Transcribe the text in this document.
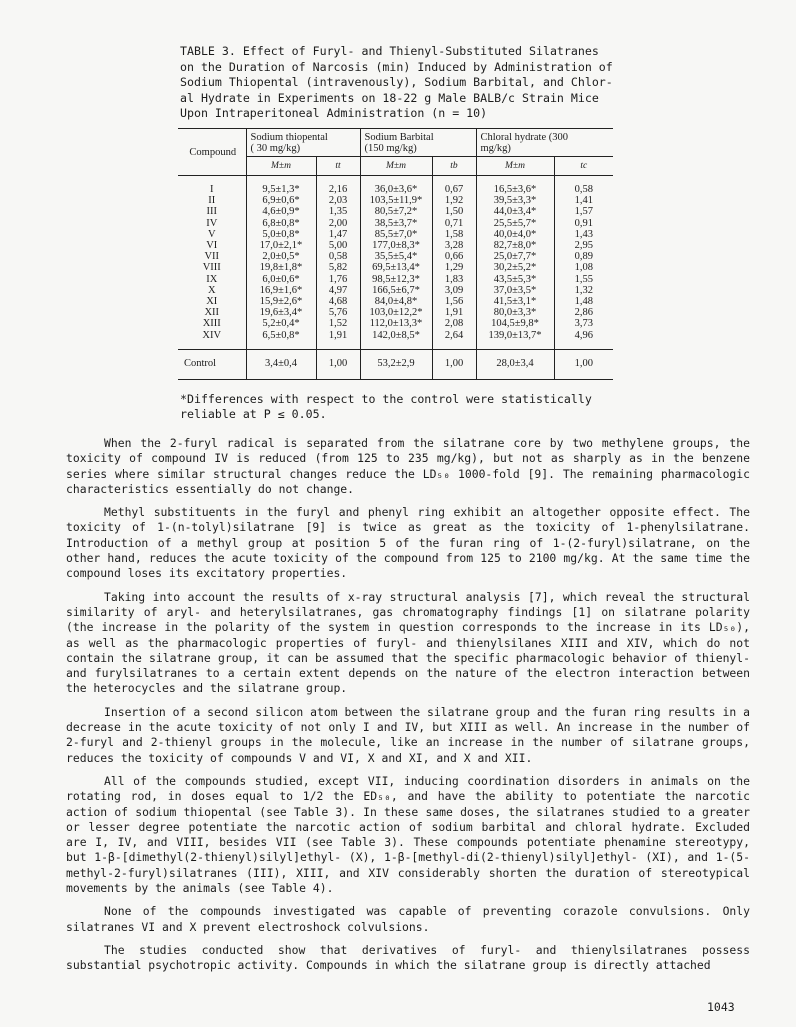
TABLE 3. Effect of Furyl- and Thienyl-Substituted Silatranes
on the Duration of Narcosis (min) Induced by Administration of
Sodium Thiopental (intravenously), Sodium Barbital, and Chlor-
al Hydrate in Experiments on 18-22 g Male BALB/c Strain Mice
Upon Intraperitoneal Administration (n = 10)
Compound	Sodium thiopental
( 30 mg/kg)		Sodium Barbital
(150 mg/kg)		Chloral hydrate (300
mg/kg)	
	M±m	tt	M±m	tb	M±m	tc
I	9,5±1,3*	2,16	36,0±3,6*	0,67	16,5±3,6*	0,58
II	6,9±0,6*	2,03	103,5±11,9*	1,92	39,5±3,3*	1,41
III	4,6±0,9*	1,35	80,5±7,2*	1,50	44,0±3,4*	1,57
IV	6,8±0,8*	2,00	38,5±3,7*	0,71	25,5±5,7*	0,91
V	5,0±0,8*	1,47	85,5±7,0*	1,58	40,0±4,0*	1,43
VI	17,0±2,1*	5,00	177,0±8,3*	3,28	82,7±8,0*	2,95
VII	2,0±0,5*	0,58	35,5±5,4*	0,66	25,0±7,7*	0,89
VIII	19,8±1,8*	5,82	69,5±13,4*	1,29	30,2±5,2*	1,08
IX	6,0±0,6*	1,76	98,5±12,3*	1,83	43,5±5,3*	1,55
X	16,9±1,6*	4,97	166,5±6,7*	3,09	37,0±3,5*	1,32
XI	15,9±2,6*	4,68	84,0±4,8*	1,56	41,5±3,1*	1,48
XII	19,6±3,4*	5,76	103,0±12,2*	1,91	80,0±3,3*	2,86
XIII	5,2±0,4*	1,52	112,0±13,3*	2,08	104,5±9,8*	3,73
XIV	6,5±0,8*	1,91	142,0±8,5*	2,64	139,0±13,7*	4,96
Control	3,4±0,4	1,00	53,2±2,9	1,00	28,0±3,4	1,00
*Differences with respect to the control were statistically
reliable at P ≤ 0.05.

When the 2-furyl radical is separated from the silatrane core by two methylene groups, the toxicity of compound IV is reduced (from 125 to 235 mg/kg), but not as sharply as in the benzene series where similar structural changes reduce the LD₅₀ 1000-fold [9]. The remaining pharmacologic characteristics essentially do not change.

Methyl substituents in the furyl and phenyl ring exhibit an altogether opposite effect. The toxicity of 1-(n-tolyl)silatrane [9] is twice as great as the toxicity of 1-phenylsilatrane. Introduction of a methyl group at position 5 of the furan ring of 1-(2-furyl)silatrane, on the other hand, reduces the acute toxicity of the compound from 125 to 2100 mg/kg. At the same time the compound loses its excitatory properties.

Taking into account the results of x-ray structural analysis [7], which reveal the structural similarity of aryl- and heterylsilatranes, gas chromatography findings [1] on silatrane polarity (the increase in the polarity of the system in question corresponds to the increase in its LD₅₀), as well as the pharmacologic properties of furyl- and thienylsilanes XIII and XIV, which do not contain the silatrane group, it can be assumed that the specific pharmacologic behavior of thienyl- and furylsilatranes to a certain extent depends on the nature of the electron interaction between the heterocycles and the silatrane group.

Insertion of a second silicon atom between the silatrane group and the furan ring results in a decrease in the acute toxicity of not only I and IV, but XIII as well. An increase in the number of 2-furyl and 2-thienyl groups in the molecule, like an increase in the number of silatrane groups, reduces the toxicity of compounds V and VI, X and XI, and X and XII.

All of the compounds studied, except VII, inducing coordination disorders in animals on the rotating rod, in doses equal to 1/2 the ED₅₀, and have the ability to potentiate the narcotic action of sodium thiopental (see Table 3). In these same doses, the silatranes studied to a greater or lesser degree potentiate the narcotic action of sodium barbital and chloral hydrate. Excluded are I, IV, and VIII, besides VII (see Table 3). These compounds potentiate phenamine stereotypy, but 1-β-[dimethyl(2-thienyl)silyl]ethyl- (X), 1-β-[methyl-di(2-thienyl)silyl]ethyl- (XI), and 1-(5-methyl-2-furyl)silatranes (III), XIII, and XIV considerably shorten the duration of stereotypical movements by the animals (see Table 4).

None of the compounds investigated was capable of preventing corazole convulsions. Only silatranes VI and X prevent electroshock colvulsions.

The studies conducted show that derivatives of furyl- and thienylsilatranes possess substantial psychotropic activity. Compounds in which the silatrane group is directly attached

1043
